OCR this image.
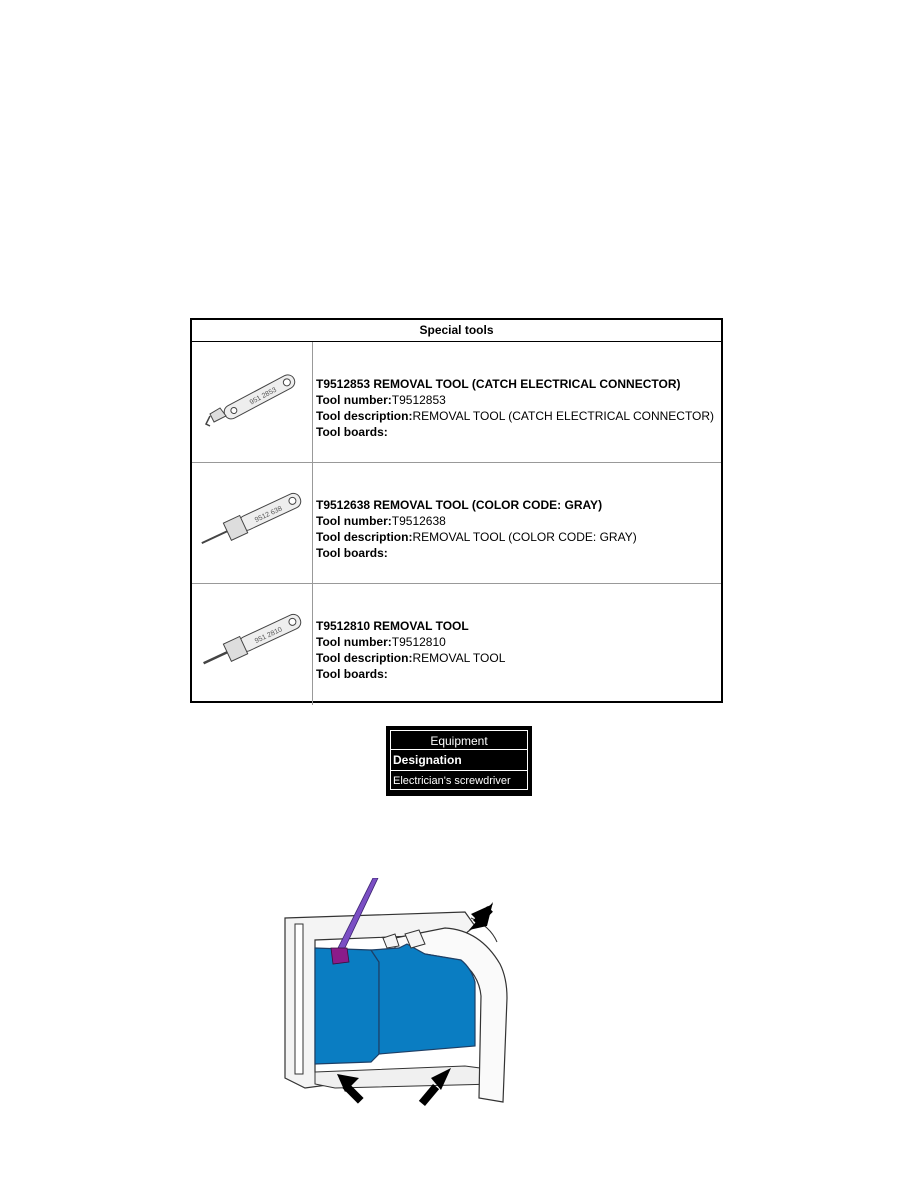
Special tools
951 2853
T9512853 REMOVAL TOOL (CATCH ELECTRICAL CONNECTOR)
Tool number:T9512853
Tool description:REMOVAL TOOL (CATCH ELECTRICAL CONNECTOR)
Tool boards:
9512 638
T9512638 REMOVAL TOOL (COLOR CODE: GRAY)
Tool number:T9512638
Tool description:REMOVAL TOOL (COLOR CODE: GRAY)
Tool boards:
951 2810
T9512810 REMOVAL TOOL
Tool number:T9512810
Tool description:REMOVAL TOOL
Tool boards:
Equipment
Designation
Electrician's screwdriver
